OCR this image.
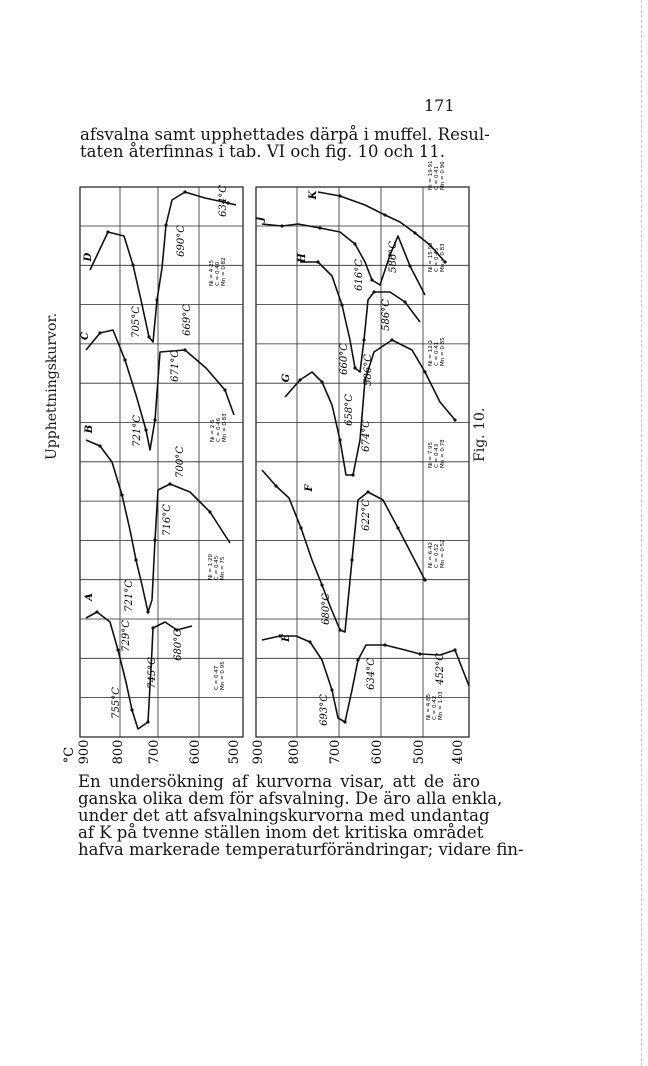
171

afsvalna samt upphettades därpå i muffel. Resul-
taten återfinnas i tab. VI och fig. 10 och 11.

900 800 700 600 500 900 800 700 600 500 400
A
B
C
D
E
F
G
H
J
K
755°C
729°C
745°C
721°C
680°C
721°C
716°C
700°C
705°C
671°C
669°C
690°C
634°C
693°C
680°C
634°C	452°C
622°C
658°C
674°C
660°C 586°C
616°C
586°C
586°C
C = 0·47 Mn = 0·95
Ni = 1·20 C = 0·45 Mn = 75
Ni = 2·5 C = 0·46 Mn = 0·83
Ni = 4·25 C = 0·40 Mn = 0·82
Ni = 4·85 C = 0·42 Mn = 1·03
Ni = 6·42 C = 0·52 Mn = 0·52
Ni = 7·95 C = 0·43 Mn = 0·78
Ni = 12·2 C = 0·41 Mn = 0·85
Ni = 15·98 C = 0·45 Mn = 0·83
Ni = 19·91 C = 0·41 Mn = 0·96
°C
Upphettningskurvor.	Fig. 10.

En undersökning af kurvorna visar, att de äro
ganska olika dem för afsvalning. De äro alla enkla,
under det att afsvalningskurvorna med undantag
af K på tvenne ställen inom det kritiska området
hafva markerade temperaturförändringar; vidare fin-
